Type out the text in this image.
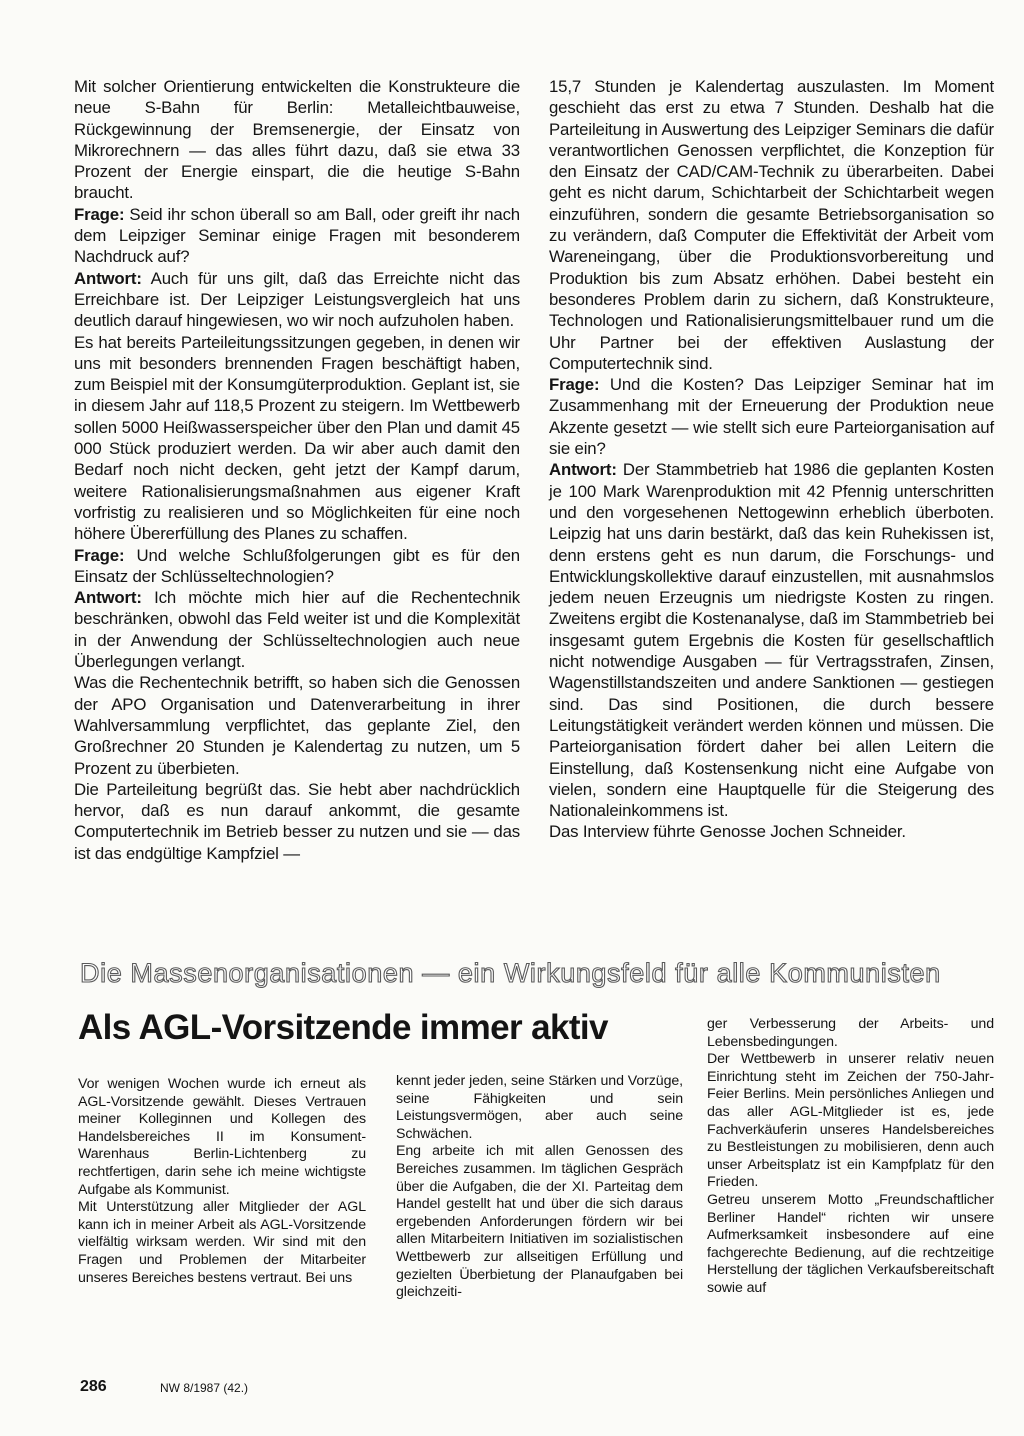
Mit solcher Orientierung entwickelten die Konstrukteure die neue S-Bahn für Berlin: Metalleichtbauweise, Rückgewinnung der Bremsenergie, der Einsatz von Mikrorechnern — das alles führt dazu, daß sie etwa 33 Prozent der Energie einspart, die die heutige S-Bahn braucht.

Frage: Seid ihr schon überall so am Ball, oder greift ihr nach dem Leipziger Seminar einige Fragen mit besonderem Nachdruck auf?

Antwort: Auch für uns gilt, daß das Erreichte nicht das Erreichbare ist. Der Leipziger Leistungsvergleich hat uns deutlich darauf hingewiesen, wo wir noch aufzuholen haben.

Es hat bereits Parteileitungssitzungen gegeben, in denen wir uns mit besonders brennenden Fragen beschäftigt haben, zum Beispiel mit der Konsumgüterproduktion. Geplant ist, sie in diesem Jahr auf 118,5 Prozent zu steigern. Im Wettbewerb sollen 5000 Heißwasserspeicher über den Plan und damit 45 000 Stück produziert werden. Da wir aber auch damit den Bedarf noch nicht decken, geht jetzt der Kampf darum, weitere Rationalisierungsmaßnahmen aus eigener Kraft vorfristig zu realisieren und so Möglichkeiten für eine noch höhere Übererfüllung des Planes zu schaffen.

Frage: Und welche Schlußfolgerungen gibt es für den Einsatz der Schlüsseltechnologien?

Antwort: Ich möchte mich hier auf die Rechentechnik beschränken, obwohl das Feld weiter ist und die Komplexität in der Anwendung der Schlüsseltechnologien auch neue Überlegungen verlangt.

Was die Rechentechnik betrifft, so haben sich die Genossen der APO Organisation und Datenverarbeitung in ihrer Wahlversammlung verpflichtet, das geplante Ziel, den Großrechner 20 Stunden je Kalendertag zu nutzen, um 5 Prozent zu überbieten.

Die Parteileitung begrüßt das. Sie hebt aber nachdrücklich hervor, daß es nun darauf ankommt, die gesamte Computertechnik im Betrieb besser zu nutzen und sie — das ist das endgültige Kampfziel —

15,7 Stunden je Kalendertag auszulasten. Im Moment geschieht das erst zu etwa 7 Stunden. Deshalb hat die Parteileitung in Auswertung des Leipziger Seminars die dafür verantwortlichen Genossen verpflichtet, die Konzeption für den Einsatz der CAD/CAM-Technik zu überarbeiten. Dabei geht es nicht darum, Schichtarbeit der Schichtarbeit wegen einzuführen, sondern die gesamte Betriebsorganisation so zu verändern, daß Computer die Effektivität der Arbeit vom Wareneingang, über die Produktionsvorbereitung und Produktion bis zum Absatz erhöhen. Dabei besteht ein besonderes Problem darin zu sichern, daß Konstrukteure, Technologen und Rationalisierungsmittelbauer rund um die Uhr Partner bei der effektiven Auslastung der Computertechnik sind.

Frage: Und die Kosten? Das Leipziger Seminar hat im Zusammenhang mit der Erneuerung der Produktion neue Akzente gesetzt — wie stellt sich eure Parteiorganisation auf sie ein?

Antwort: Der Stammbetrieb hat 1986 die geplanten Kosten je 100 Mark Warenproduktion mit 42 Pfennig unterschritten und den vorgesehenen Nettogewinn erheblich überboten. Leipzig hat uns darin bestärkt, daß das kein Ruhekissen ist, denn erstens geht es nun darum, die Forschungs- und Entwicklungskollektive darauf einzustellen, mit ausnahmslos jedem neuen Erzeugnis um niedrigste Kosten zu ringen. Zweitens ergibt die Kostenanalyse, daß im Stammbetrieb bei insgesamt gutem Ergebnis die Kosten für gesellschaftlich nicht notwendige Ausgaben — für Vertragsstrafen, Zinsen, Wagenstillstandszeiten und andere Sanktionen — gestiegen sind. Das sind Positionen, die durch bessere Leitungstätigkeit verändert werden können und müssen. Die Parteiorganisation fördert daher bei allen Leitern die Einstellung, daß Kostensenkung nicht eine Aufgabe von vielen, sondern eine Hauptquelle für die Steigerung des Nationaleinkommens ist.

Das Interview führte Genosse Jochen Schneider.

Die Massenorganisationen — ein Wirkungsfeld für alle Kommunisten
Als AGL-Vorsitzende immer aktiv

Vor wenigen Wochen wurde ich erneut als AGL-Vorsitzende gewählt. Dieses Vertrauen meiner Kolleginnen und Kollegen des Handelsbereiches II im Konsument-Warenhaus Berlin-Lichtenberg zu rechtfertigen, darin sehe ich meine wichtigste Aufgabe als Kommunist.

Mit Unterstützung aller Mitglieder der AGL kann ich in meiner Arbeit als AGL-Vorsitzende vielfältig wirksam werden. Wir sind mit den Fragen und Problemen der Mitarbeiter unseres Bereiches bestens vertraut. Bei uns

kennt jeder jeden, seine Stärken und Vorzüge, seine Fähigkeiten und sein Leistungsvermögen, aber auch seine Schwächen.

Eng arbeite ich mit allen Genossen des Bereiches zusammen. Im täglichen Gespräch über die Aufgaben, die der XI. Parteitag dem Handel gestellt hat und über die sich daraus ergebenden Anforderungen fördern wir bei allen Mitarbeitern Initiativen im sozialistischen Wettbewerb zur allseitigen Erfüllung und gezielten Überbietung der Planaufgaben bei gleichzeiti-

ger Verbesserung der Arbeits- und Lebensbedingungen.

Der Wettbewerb in unserer relativ neuen Einrichtung steht im Zeichen der 750-Jahr-Feier Berlins. Mein persönliches Anliegen und das aller AGL-Mitglieder ist es, jede Fachverkäuferin unseres Handelsbereiches zu Bestleistungen zu mobilisieren, denn auch unser Arbeitsplatz ist ein Kampfplatz für den Frieden.

Getreu unserem Motto „Freundschaftlicher Berliner Handel“ richten wir unsere Aufmerksamkeit insbesondere auf eine fachgerechte Bedienung, auf die rechtzeitige Herstellung der täglichen Verkaufsbereitschaft sowie auf

286	NW 8/1987 (42.)
